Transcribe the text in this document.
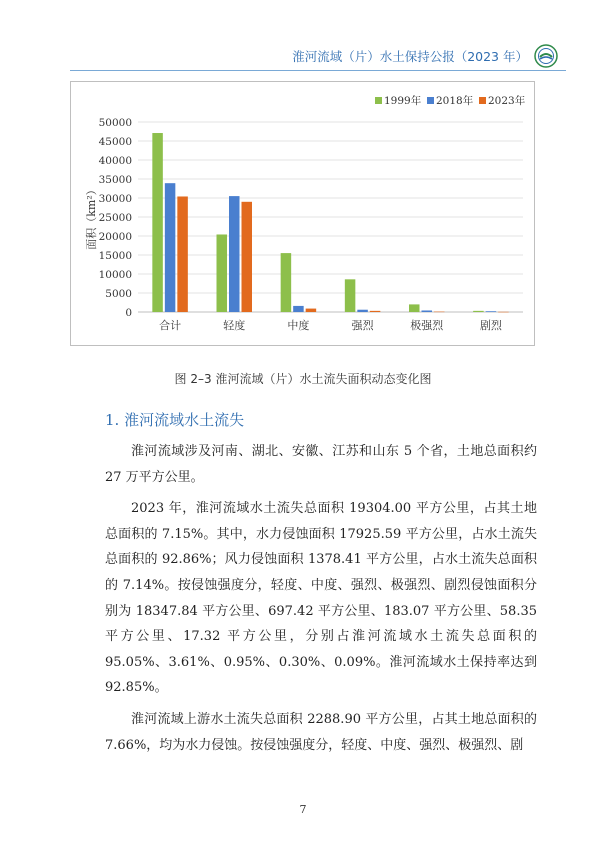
淮河流域（片）水土保持公报（2023 年）
0
5000
10000
15000
20000
25000
30000
35000
40000
45000
50000
面积（km²）
合计	轻度	中度	强烈	极强烈	剧烈
1999年 2018年 2023年
图 2–3 淮河流域（片）水土流失面积动态变化图
1. 淮河流域水土流失

淮河流域涉及河南、湖北、安徽、江苏和山东 5 个省，土地总面积约 27 万平方公里。

2023 年，淮河流域水土流失总面积 19304.00 平方公里，占其土地总面积的 7.15%。其中，水力侵蚀面积 17925.59 平方公里，占水土流失总面积的 92.86%；风力侵蚀面积 1378.41 平方公里，占水土流失总面积的 7.14%。按侵蚀强度分，轻度、中度、强烈、极强烈、剧烈侵蚀面积分别为 18347.84 平方公里、697.42 平方公里、183.07 平方公里、58.35 平方公里、17.32 平方公里，分别占淮河流域水土流失总面积的 95.05%、3.61%、0.95%、0.30%、0.09%。淮河流域水土保持率达到 92.85%。

淮河流域上游水土流失总面积 2288.90 平方公里，占其土地总面积的 7.66%，均为水力侵蚀。按侵蚀强度分，轻度、中度、强烈、极强烈、剧

7
